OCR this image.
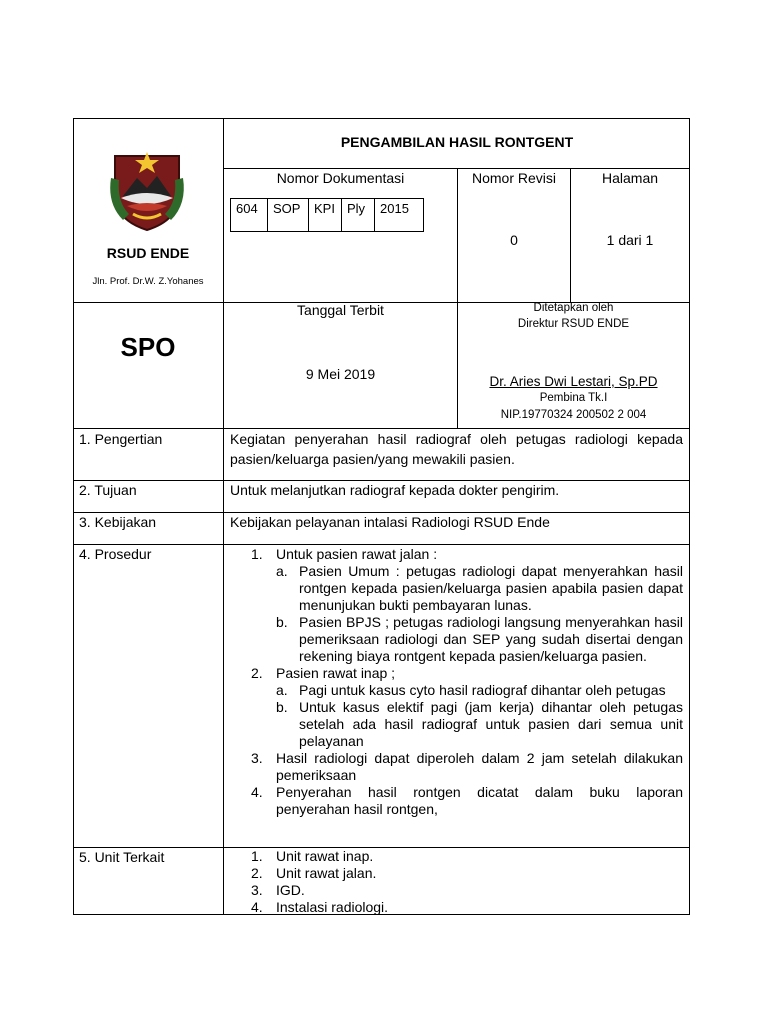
RSUD ENDE
Jln. Prof. Dr.W. Z.Yohanes
PENGAMBILAN HASIL RONTGENT
Nomor Dokumentasi
604	SOP	KPI	Ply	2015
Nomor Revisi
0
Halaman
1 dari 1
SPO
Tanggal Terbit
9 Mei 2019
Ditetapkan oleh
Direktur RSUD ENDE
Dr. Aries Dwi Lestari, Sp.PD
Pembina Tk.I
NIP.19770324 200502 2 004
1. Pengertian	Kegiatan penyerahan hasil radiograf oleh petugas radiologi kepada pasien/keluarga pasien/yang mewakili pasien.
2. Tujuan	Untuk melanjutkan radiograf kepada dokter pengirim.
3. Kebijakan	Kebijakan pelayanan intalasi Radiologi RSUD Ende
4. Prosedur	1. Untuk pasien rawat jalan :
a. Pasien Umum : petugas radiologi dapat menyerahkan hasil rontgen kepada pasien/keluarga pasien apabila pasien dapat menunjukan bukti pembayaran lunas.
b. Pasien BPJS ; petugas radiologi langsung menyerahkan hasil pemeriksaan radiologi dan SEP yang sudah disertai dengan rekening biaya rontgent kepada pasien/keluarga pasien.
2. Pasien rawat inap ;
a. Pagi untuk kasus cyto hasil radiograf dihantar oleh petugas
b. Untuk kasus elektif pagi (jam kerja) dihantar oleh petugas setelah ada hasil radiograf untuk pasien dari semua unit pelayanan
3. Hasil radiologi dapat diperoleh dalam 2 jam setelah dilakukan pemeriksaan
4. Penyerahan hasil rontgen dicatat dalam buku laporan penyerahan hasil rontgen,
5. Unit Terkait	1. Unit rawat inap.
2. Unit rawat jalan.
3. IGD.
4. Instalasi radiologi.
